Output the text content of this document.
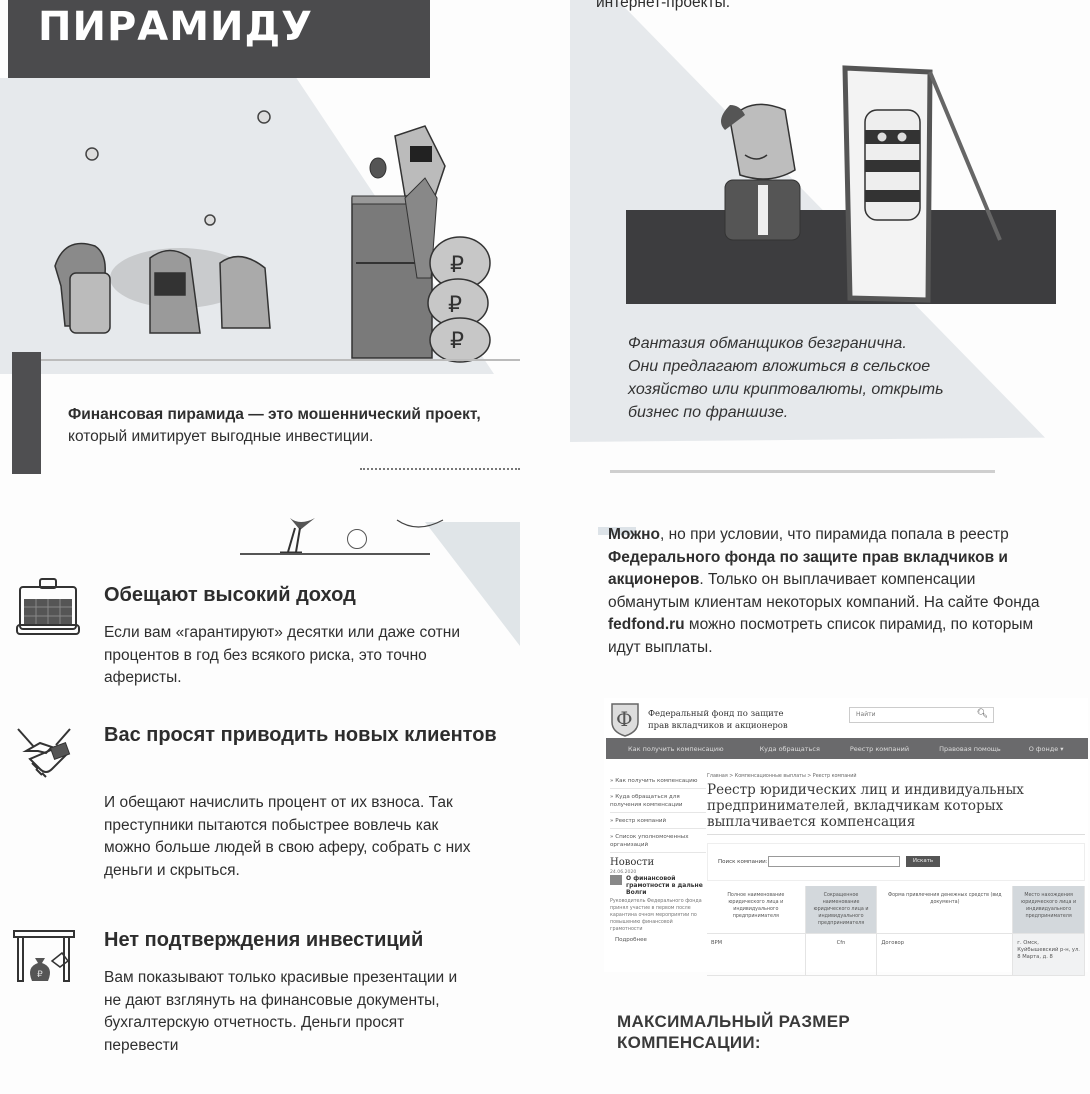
ПИРАМИДУ
₽
₽
₽
Финансовая пирамида — это мошеннический проект,
который имитирует выгодные инвестиции.
интернет-проекты.
Фантазия обманщиков безгранична.
Они предлагают вложиться в сельское
хозяйство или криптовалюты, открыть
бизнес по франшизе.
Обещают высокий доход

Если вам «гарантируют» десятки или даже сотни процентов в год без всякого риска, это точно аферисты.

Вас просят приводить новых клиентов

И обещают начислить процент от их взноса. Так преступники пытаются побыстрее вовлечь как можно больше людей в свою аферу, собрать с них деньги и скрыться.

₽
Нет подтверждения инвестиций

Вам показывают только красивые презентации и не дают взглянуть на финансовые документы, бухгалтерскую отчетность. Деньги просят перевести

Можно, но при условии, что пирамида попала в реестр Федерального фонда по защите прав вкладчиков и акционеров. Только он выплачивает компенсации обманутым клиентам некоторых компаний. На сайте Фонда fedfond.ru можно посмотреть список пирамид, по которым идут выплаты.
Ф Федеральный фонд по защите
прав вкладчиков и акционеров
Найти	🔍︎
Как получить компенсацию	Куда обращаться	Реестр компаний	Правовая помощь	О фонде ▾
» Как получить компенсацию
» Куда обращаться для получения компенсации
» Реестр компаний
» Список уполномоченных организаций
Новости
24.06.2020
О финансовой грамотности в дальне Волги
Руководитель Федерального фонда принял участие в первом после карантина очном мероприятии по повышению финансовой грамотности
Подробнее
Главная > Компенсационные выплаты > Реестр компаний
Реестр юридических лиц и индивидуальных предпринимателей, вкладчикам которых выплачивается компенсация
Поиск компании:	Искать
Полное наименование юридического лица и индивидуального предпринимателя	Сокращенное наименование юридического лица и индивидуального предпринимателя	Форма привлечения денежных средств (вид документа)	Место нахождения юридического лица и индивидуального предпринимателя
BPM	Cfn	Договор	г. Омск, Куйбышевский р-н, ул. 8 Марта, д. 8
МАКСИМАЛЬНЫЙ РАЗМЕР КОМПЕНСАЦИИ:
